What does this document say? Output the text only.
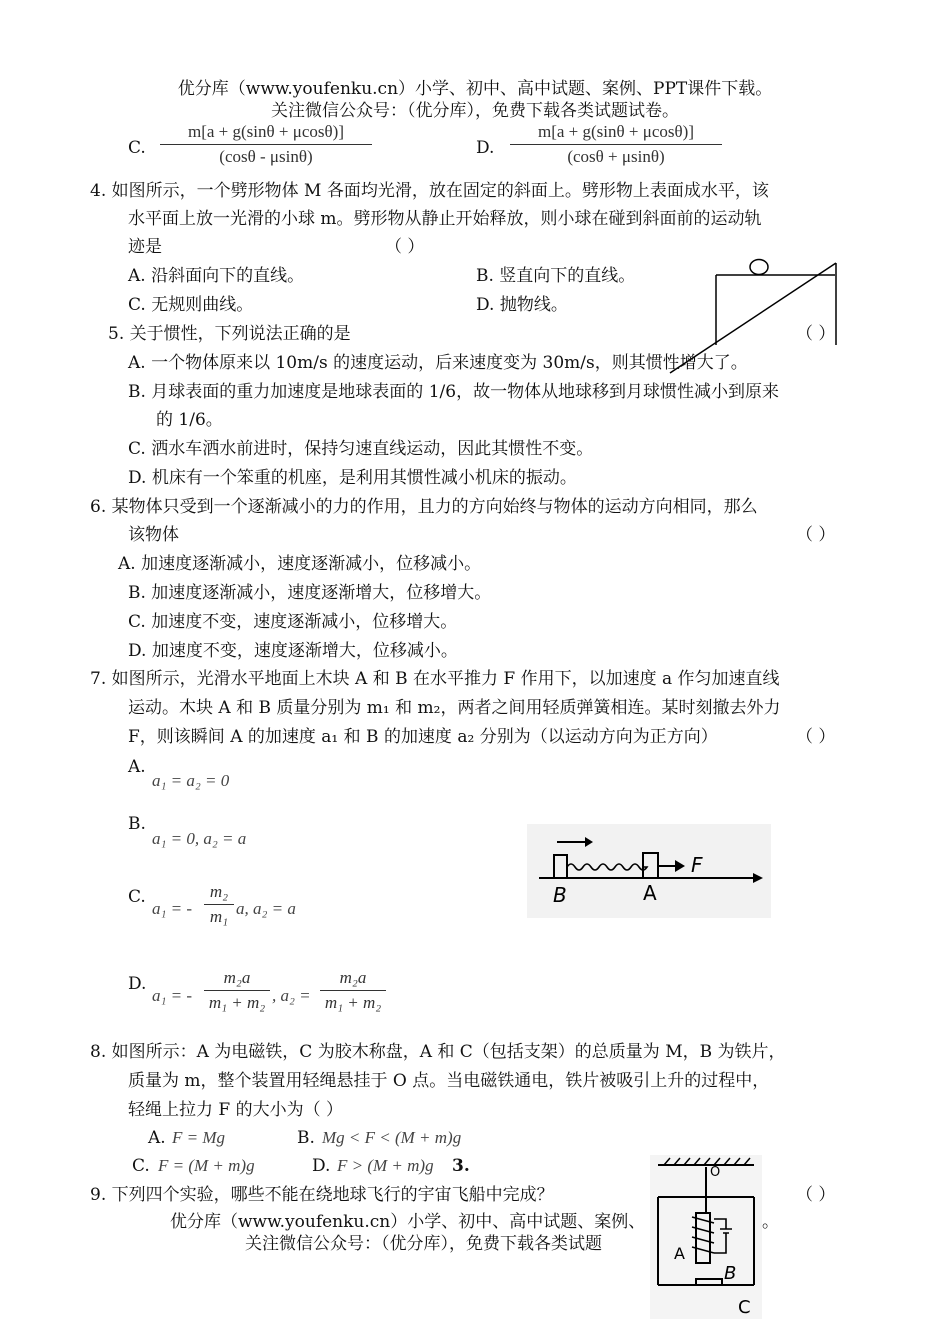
优分库（www.youfenku.cn）小学、初中、高中试题、案例、PPT课件下载。
关注微信公众号：（优分库），免费下载各类试题试卷。
C.
m[a + g(sinθ + μcosθ)]
(cosθ - μsinθ)	D.
m[a + g(sinθ + μcosθ)]
(cosθ + μsinθ)
4. 如图所示，一个劈形物体 M 各面均光滑，放在固定的斜面上。劈形物上表面成水平，该
水平面上放一光滑的小球 m。劈形物从静止开始释放，则小球在碰到斜面前的运动轨
迹是	（ ）
A. 沿斜面向下的直线。	B. 竖直向下的直线。
C. 无规则曲线。	D. 抛物线。
5. 关于惯性，下列说法正确的是	（ ）
A. 一个物体原来以 10m/s 的速度运动，后来速度变为 30m/s，则其惯性增大了。
B. 月球表面的重力加速度是地球表面的 1/6，故一物体从地球移到月球惯性减小到原来
的 1/6。
C. 洒水车洒水前进时，保持匀速直线运动，因此其惯性不变。
D. 机床有一个笨重的机座，是利用其惯性减小机床的振动。
6. 某物体只受到一个逐渐减小的力的作用，且力的方向始终与物体的运动方向相同，那么
该物体	（ ）
A. 加速度逐渐减小，速度逐渐减小，位移减小。
B. 加速度逐渐减小，速度逐渐增大，位移增大。
C. 加速度不变，速度逐渐减小，位移增大。
D. 加速度不变，速度逐渐增大，位移减小。
7. 如图所示，光滑水平地面上木块 A 和 B 在水平推力 F 作用下，以加速度 a 作匀加速直线
运动。木块 A 和 B 质量分别为 m₁ 和 m₂，两者之间用轻质弹簧相连。某时刻撤去外力
F，则该瞬间 A 的加速度 a₁ 和 B 的加速度 a₂ 分别为（以运动方向为正方向）	（ ）
A.
a₁ = a₂ = 0
B.
a₁ = 0, a₂ = a
C.
a₁ = -
m₂
m₁ a, a₂ = a
D.
a₁ = -
m₂a
m₁ + m₂ , a₂ =
m₂a
m₁ + m₂
F
B	A
8. 如图所示：A 为电磁铁，C 为胶木称盘，A 和 C（包括支架）的总质量为 M，B 为铁片，
质量为 m，整个装置用轻绳悬挂于 O 点。当电磁铁通电，铁片被吸引上升的过程中，
轻绳上拉力 F 的大小为（ ）
A. F = Mg	B. Mg < F < (M + m)g
C. F = (M + m)g	D. F > (M + m)g 3.	O
A
B
C
9. 下列四个实验，哪些不能在绕地球飞行的宇宙飞船中完成？	（ ）
优分库（www.youfenku.cn）小学、初中、高中试题、案例、	。
关注微信公众号：（优分库），免费下载各类试题
